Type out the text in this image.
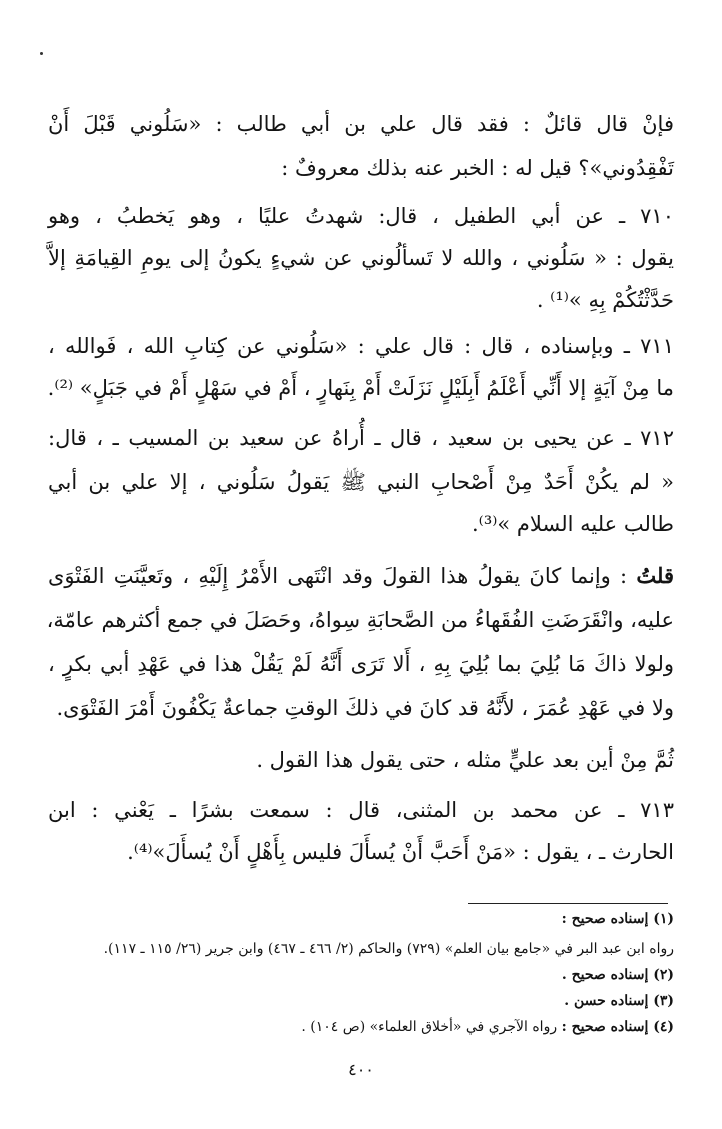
فإنْ قال قائلٌ : فقد قال علي بن أبي طالب : «سَلُوني قَبْلَ أَنْ

تَفْقِدُوني»؟ قيل له : الخبر عنه بذلك معروفٌ :

٧١٠ ـ عن أبي الطفيل ، قال: شهدتُ عليًا ، وهو يَخطبُ ، وهو

يقول : « سَلُوني ، والله لا تَسألُوني عن شيءٍ يكونُ إلى يومِ القِيامَةِ إلاَّ

حَدَّثْتُكُمْ بِهِ »⁽¹⁾ .

٧١١ ـ وبإسناده ، قال : قال علي : «سَلُوني عن كِتابِ الله ، فَوالله ،

ما مِنْ آيَةٍ إلا أَنِّي أَعْلَمُ أَبِلَيْلٍ نَزَلَتْ أَمْ بِنَهارٍ ، أَمْ في سَهْلٍ أَمْ في جَبَلٍ» ⁽²⁾.

٧١٢ ـ عن يحيى بن سعيد ، قال ـ أُراهُ عن سعيد بن المسيب ـ ، قال:

« لم يكُنْ أَحَدٌ مِنْ أَصْحابِ النبي ﷺ يَقولُ سَلُوني ، إلا علي بن أبي

طالب عليه السلام »⁽³⁾.

قلتُ : وإنما كانَ يقولُ هذا القولَ وقد انْتَهى الأَمْرُ إِلَيْهِ ، وتَعيَّنَتِ الفَتْوَى

عليه، وانْقَرَضَتِ الفُقَهاءُ من الصَّحابَةِ سِواهُ، وحَصَلَ في جمع أكثرهم عامّة،

ولولا ذاكَ مَا بُلِيَ بما بُلِيَ بِهِ ، أَلا تَرَى أَنَّهُ لَمْ يَقُلْ هذا في عَهْدِ أبي بكرٍ ،

ولا في عَهْدِ عُمَرَ ، لأَنَّهُ قد كانَ في ذلكَ الوقتِ جماعةٌ يَكْفُونَ أَمْرَ الفَتْوَى.

ثُمَّ مِنْ أين بعد عليٍّ مثله ، حتى يقول هذا القول .

٧١٣ ـ عن محمد بن المثنى، قال : سمعت بشرًا ـ يَعْني : ابن

الحارث ـ ، يقول : «مَنْ أَحَبَّ أَنْ يُسأَلَ فليس بِأَهْلٍ أَنْ يُسأَلَ»⁽⁴⁾.

(١) إسناده صحيح :

رواه ابن عبد البر في «جامع بيان العلم» (٧٢٩) والحاكم (٢/ ٤٦٦ ـ ٤٦٧) وابن جرير (٢٦/ ١١٥ ـ ١١٧).

(٢) إسناده صحيح .

(٣) إسناده حسن .

(٤) إسناده صحيح : رواه الآجري في «أخلاق العلماء» (ص ١٠٤) .

٤٠٠
